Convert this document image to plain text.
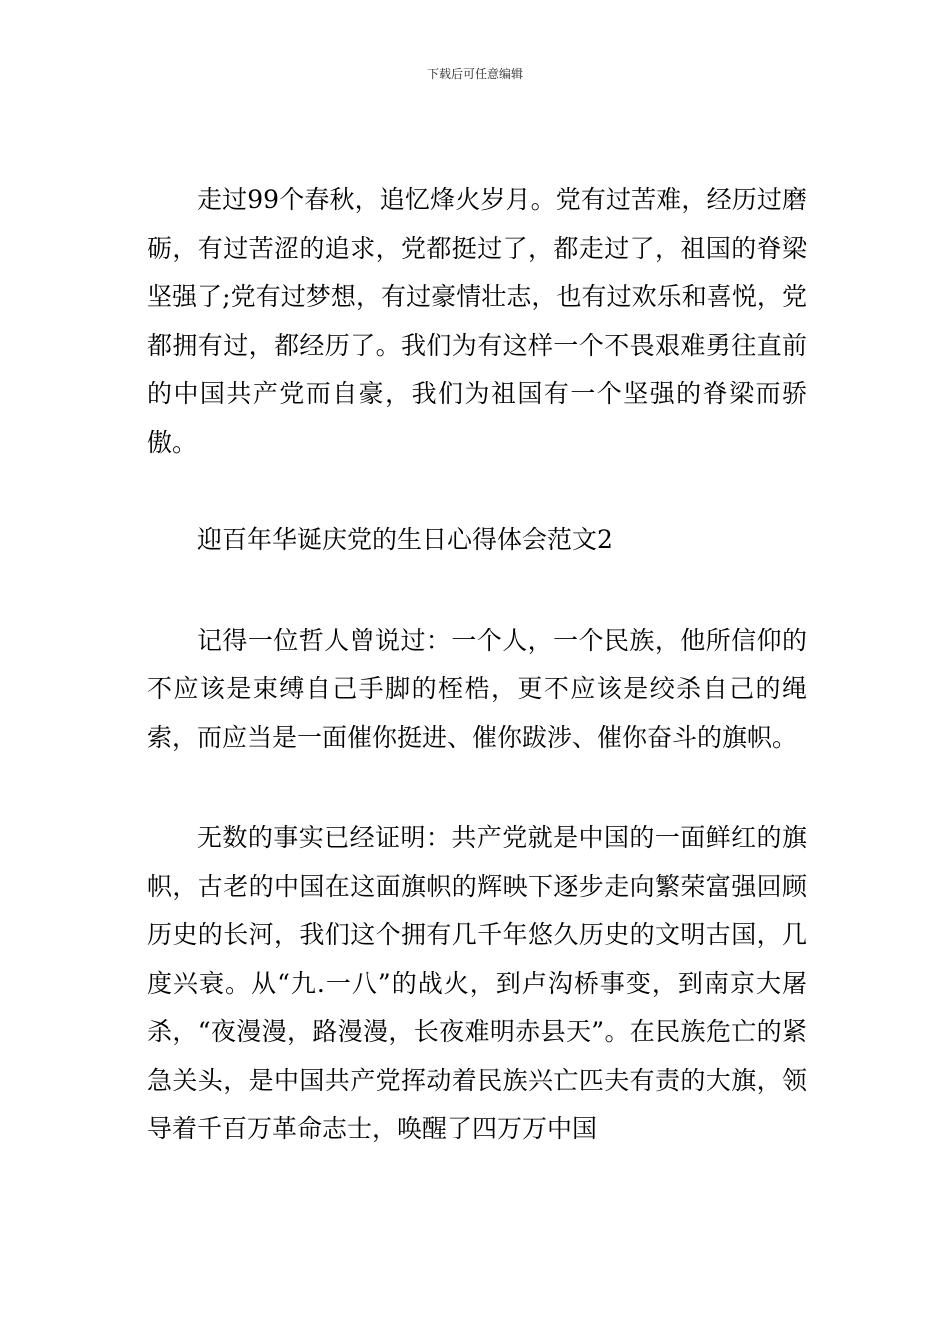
下载后可任意编辑

走过99个春秋，追忆烽火岁月。党有过苦难，经历过磨砺，有过苦涩的追求，党都挺过了，都走过了，祖国的脊梁坚强了;党有过梦想，有过豪情壮志，也有过欢乐和喜悦，党都拥有过，都经历了。我们为有这样一个不畏艰难勇往直前的中国共产党而自豪，我们为祖国有一个坚强的脊梁而骄傲。

迎百年华诞庆党的生日心得体会范文2

记得一位哲人曾说过：一个人，一个民族，他所信仰的不应该是束缚自己手脚的桎梏，更不应该是绞杀自己的绳索，而应当是一面催你挺进、催你跋涉、催你奋斗的旗帜。

无数的事实已经证明：共产党就是中国的一面鲜红的旗帜，古老的中国在这面旗帜的辉映下逐步走向繁荣富强回顾历史的长河，我们这个拥有几千年悠久历史的文明古国，几度兴衰。从“九.一八”的战火，到卢沟桥事变，到南京大屠杀，“夜漫漫，路漫漫，长夜难明赤县天”。在民族危亡的紧急关头，是中国共产党挥动着民族兴亡匹夫有责的大旗，领导着千百万革命志士，唤醒了四万万中国
